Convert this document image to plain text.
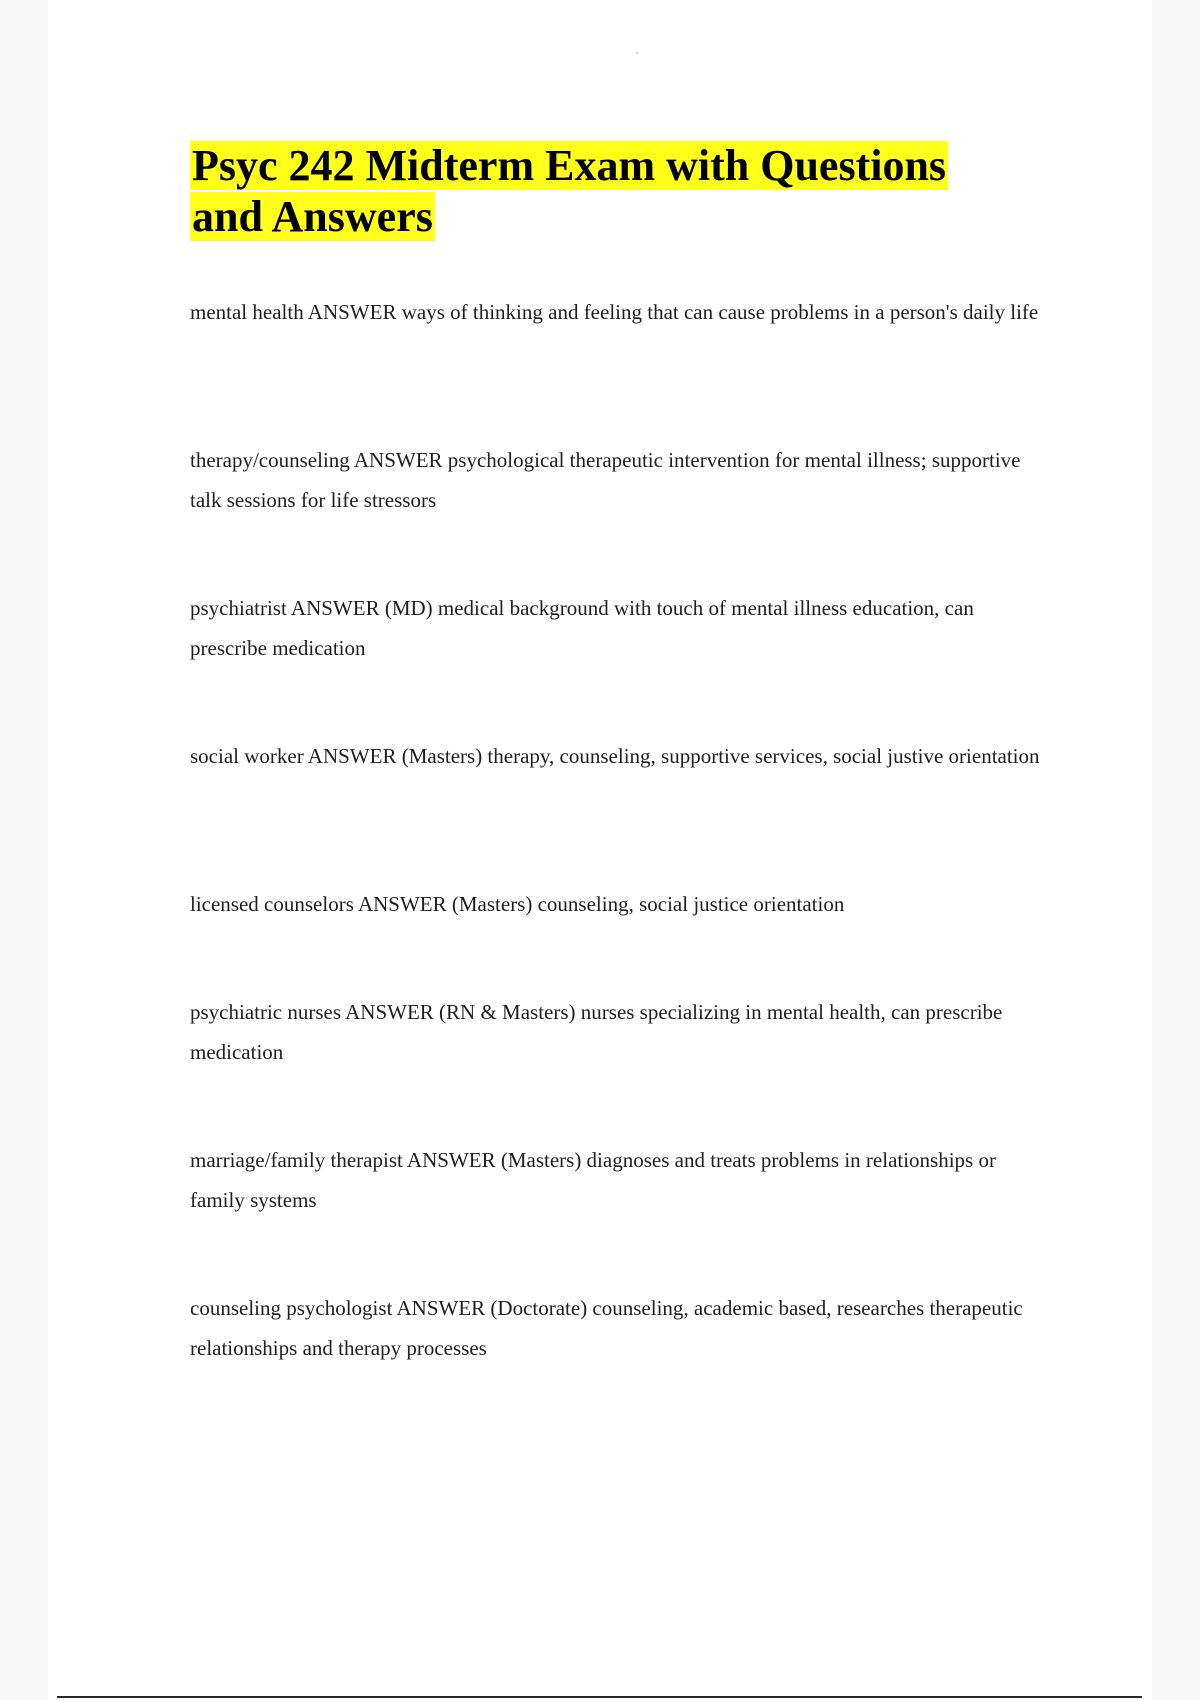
Psyc 242 Midterm Exam with Questions and Answers
mental health ANSWER ways of thinking and feeling that can cause problems in a person's daily life
therapy/counseling ANSWER psychological therapeutic intervention for mental illness; supportive talk sessions for life stressors
psychiatrist ANSWER (MD) medical background with touch of mental illness education, can prescribe medication
social worker ANSWER (Masters) therapy, counseling, supportive services, social justive orientation
licensed counselors ANSWER (Masters) counseling, social justice orientation
psychiatric nurses ANSWER (RN & Masters) nurses specializing in mental health, can prescribe medication
marriage/family therapist ANSWER (Masters) diagnoses and treats problems in relationships or family systems
counseling psychologist ANSWER (Doctorate) counseling, academic based, researches therapeutic relationships and therapy processes
